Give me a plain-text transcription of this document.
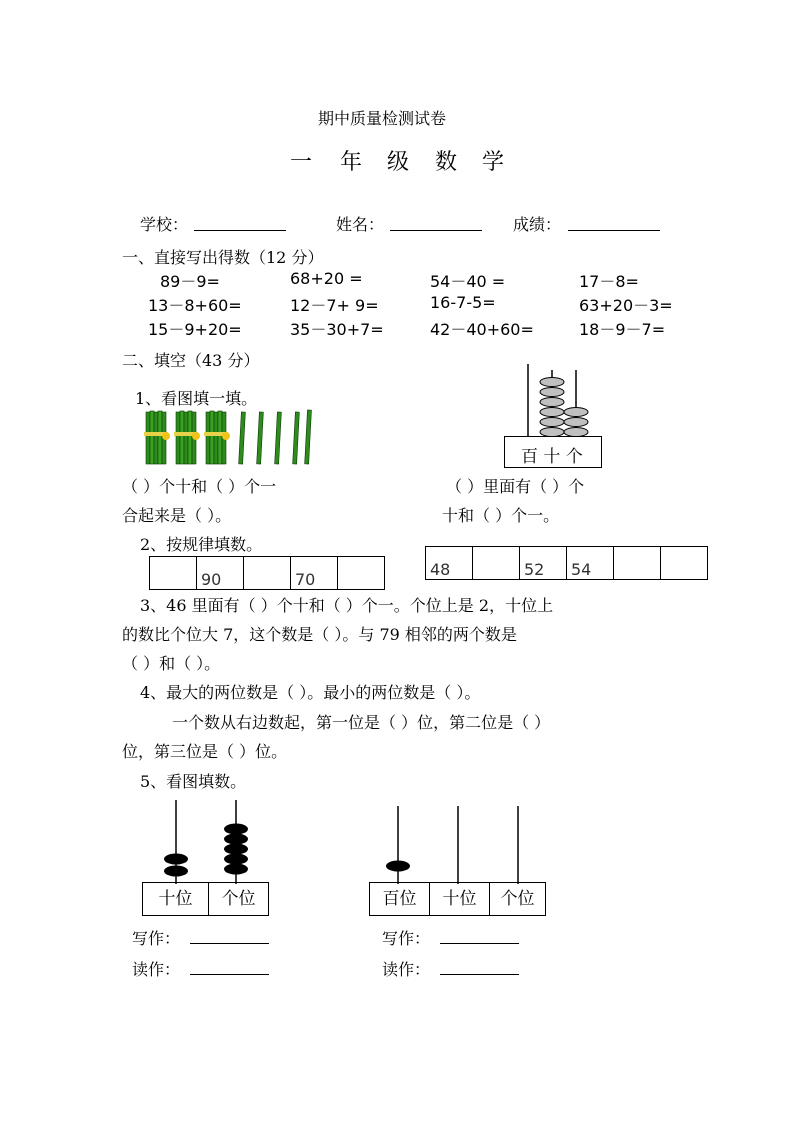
期中质量检测试卷
一 年 级 数 学
学校：	姓名：	成绩：
一、直接写出得数（12 分）
89－9=	68+20 =	54－40 =	17－8=
13－8+60=	12－7+ 9=	16-7-5=	63+20－3=
15－9+20=	35－30+7=	42－40+60=	18－9－7=
二、填空（43 分）
1、看图填一填。
百 十 个
（ ）个十和（ ）个一
合起来是（ ）。
（ ）里面有（ ）个
十和（ ）个一。
2、按规律填数。
	90		70	
48		52	54		
3、46 里面有（ ）个十和（ ）个一。个位上是 2，十位上
的数比个位大 7，这个数是（ ）。与 79 相邻的两个数是
（ ）和（ ）。
4、最大的两位数是（ ）。最小的两位数是（ ）。
一个数从右边数起，第一位是（ ）位，第二位是（ ）
位，第三位是（ ）位。
5、看图填数。
十位	个位	百位	十位	个位
写作：
读作：
写作：
读作：
